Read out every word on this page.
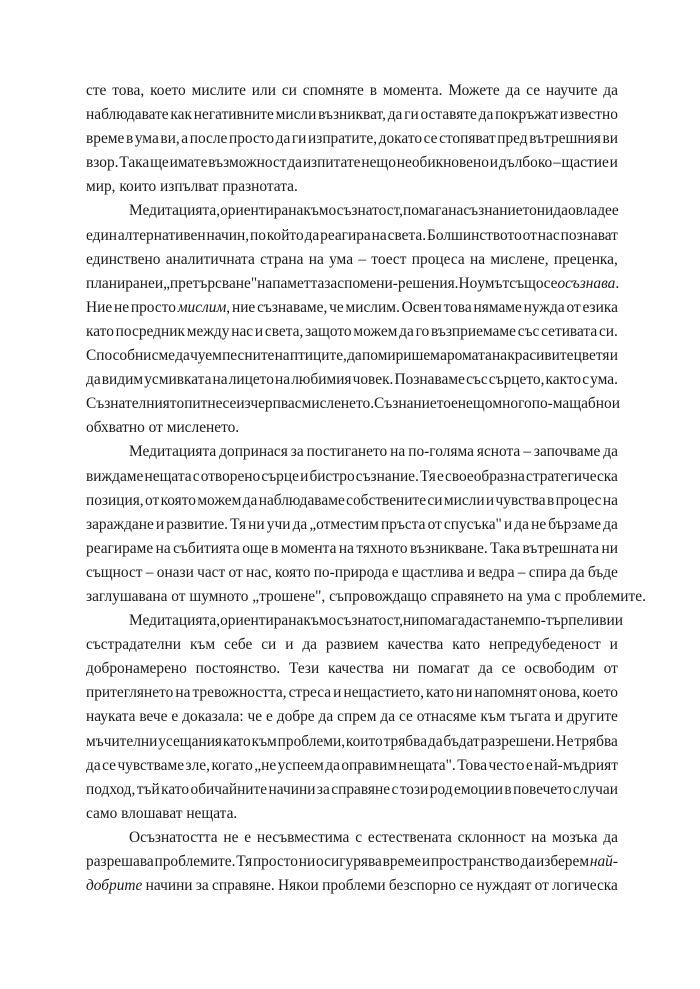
сте това, което мислите или си спомняте в момента. Можете да се научите да
наблюдавате как негативните мисли възникват, да ги оставяте да покръжат известно
време в ума ви, а после просто да ги изпратите, докато се стопяват пред вътрешния ви
взор. Така ще имате възможност да изпитате нещо необикновено и дълбоко – щастие и
мир, които изпълват празнотата.
Медитацията, ориентирана към осъзнатост, помага на съзнанието ни да овладее
един алтернативен начин, по който да реагира на света. Болшинството от нас познават
единствено аналитичната страна на ума – тоест процеса на мислене, преценка,
планиране и „претърсване" на паметта за спомени-решения. Но умът също се осъзнава.
Ние не просто мислим, ние съзнаваме, че мислим. Освен това нямаме нужда от езика
като посредник между нас и света, защото можем да го възприемаме със сетивата си.
Способни сме да чуем песните на птиците, да помиришем аромата на красивите цветя и
да видим усмивката на лицето на любимия човек. Познаваме със сърцето, както с ума.
Съзнателният опит не се изчерпва с мисленето. Съзнанието е нещо много по-мащабно и
обхватно от мисленето.
Медитацията допринася за постигането на по-голяма яснота – започваме да
виждаме нещата с отворено сърце и бистро съзнание. Тя е своеобразна стратегическа
позиция, от която можем да наблюдаваме собствените си мисли и чувства в процес на
зараждане и развитие. Тя ни учи да „отместим пръста от спусъка" и да не бързаме да
реагираме на събитията още в момента на тяхното възникване. Така вътрешната ни
същност – онази част от нас, която по-природа е щастлива и ведра – спира да бъде
заглушавана от шумното „трошене", съпровождащо справянето на ума с проблемите.
Медитацията, ориентирана към осъзнатост, ни помага да станем по-търпеливи и
състрадателни към себе си и да развием качества като непредубеденост и
добронамерено постоянство. Тези качества ни помагат да се освободим от
притеглянето на тревожността, стреса и нещастието, като ни напомнят онова, което
науката вече е доказала: че е добре да спрем да се отнасяме към тъгата и другите
мъчителни усещания като към проблеми, които трябва да бъдат разрешени. Не трябва
да се чувстваме зле, когато „не успеем да оправим нещата". Това често е най-мъдрият
подход, тъй като обичайните начини за справяне с този род емоции в повечето случаи
само влошават нещата.
Осъзнатостта не е несъвместима с естествената склонност на мозъка да
разрешава проблемите. Тя просто ни осигурява време и пространство да изберем най-
добрите начини за справяне. Някои проблеми безспорно се нуждаят от логическа
